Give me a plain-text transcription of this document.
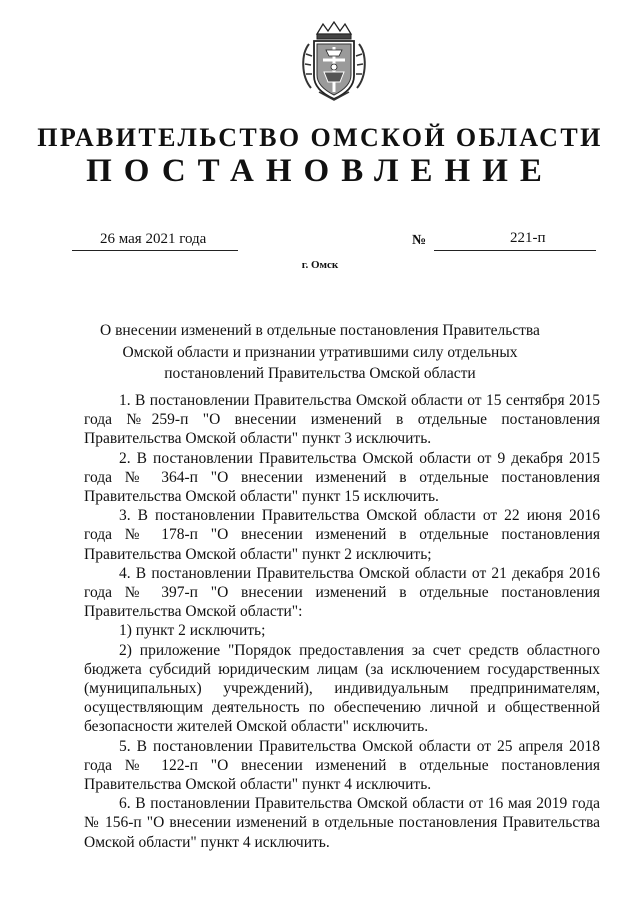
ПРАВИТЕЛЬСТВО ОМСКОЙ ОБЛАСТИ
ПОСТАНОВЛЕНИЕ
26 мая 2021 года	№	221-п
г. Омск
О внесении изменений в отдельные постановления Правительства Омской области и признании утратившими силу отдельных постановлений Правительства Омской области

1. В постановлении Правительства Омской области от 15 сентября 2015 года №259-п "О внесении изменений в отдельные постановления Правительства Омской области" пункт 3 исключить.

2. В постановлении Правительства Омской области от 9 декабря 2015 года № 364-п "О внесении изменений в отдельные постановления Правительства Омской области" пункт 15 исключить.

3. В постановлении Правительства Омской области от 22 июня 2016 года № 178-п "О внесении изменений в отдельные постановления Правительства Омской области" пункт 2 исключить;

4. В постановлении Правительства Омской области от 21 декабря 2016 года № 397-п "О внесении изменений в отдельные постановления Правительства Омской области":

1) пункт 2 исключить;

2) приложение "Порядок предоставления за счет средств областного бюджета субсидий юридическим лицам (за исключением государственных (муниципальных) учреждений), индивидуальным предпринимателям, осуществляющим деятельность по обеспечению личной и общественной безопасности жителей Омской области" исключить.

5. В постановлении Правительства Омской области от 25 апреля 2018 года № 122-п "О внесении изменений в отдельные постановления Правительства Омской области" пункт 4 исключить.

6. В постановлении Правительства Омской области от 16 мая 2019 года № 156-п "О внесении изменений в отдельные постановления Правительства Омской области" пункт 4 исключить.
